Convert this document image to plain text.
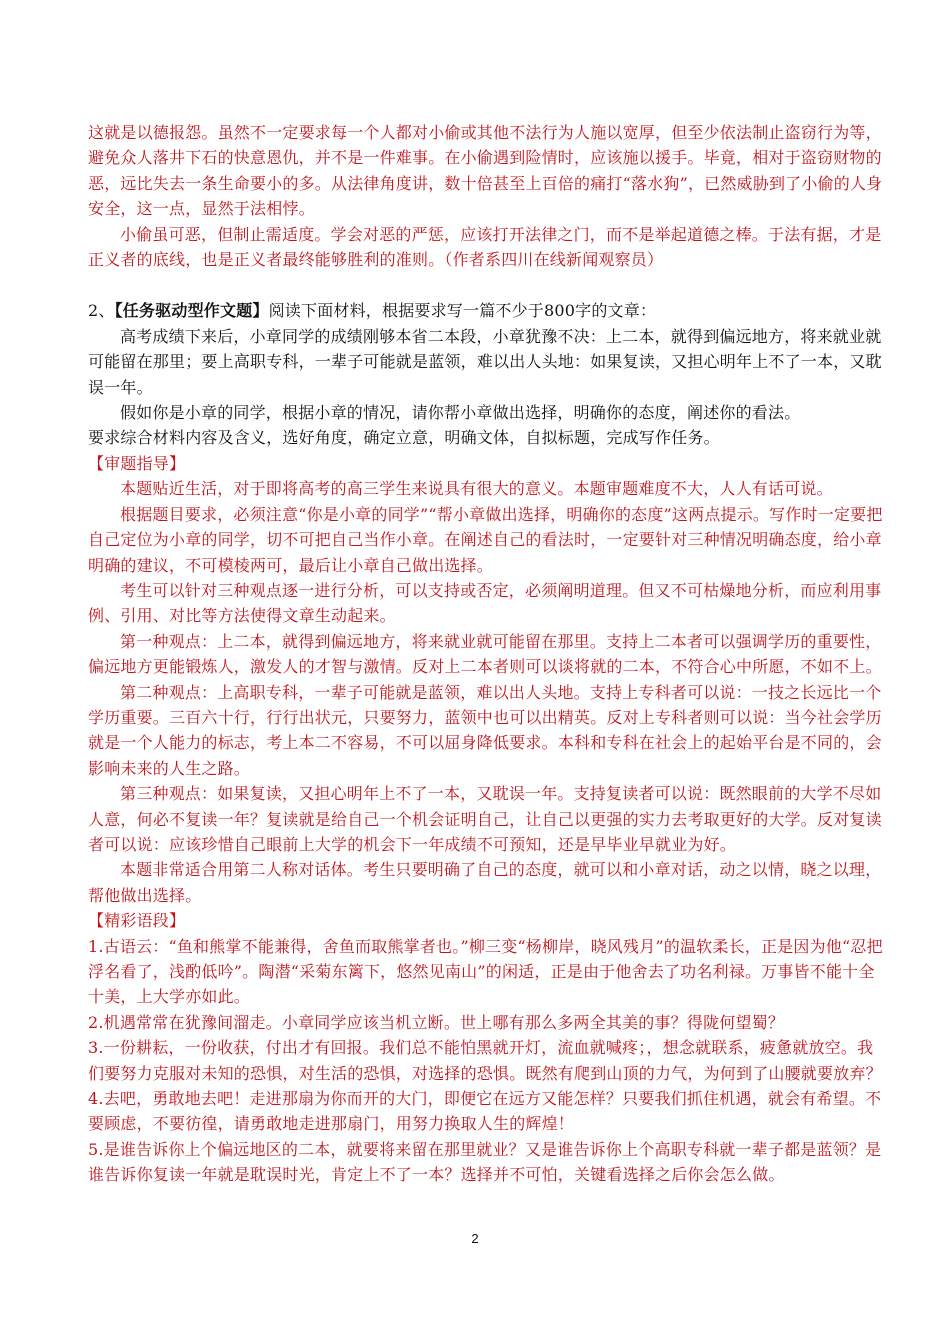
这就是以德报怨。虽然不一定要求每一个人都对小偷或其他不法行为人施以宽厚，但至少依法制止盗窃行为等，避免众人落井下石的快意恩仇，并不是一件难事。在小偷遇到险情时，应该施以援手。毕竟，相对于盗窃财物的恶，远比失去一条生命要小的多。从法律角度讲，数十倍甚至上百倍的痛打“落水狗”，已然威胁到了小偷的人身安全，这一点，显然于法相悖。

小偷虽可恶，但制止需适度。学会对恶的严惩，应该打开法律之门，而不是举起道德之棒。于法有据，才是正义者的底线，也是正义者最终能够胜利的准则。（作者系四川在线新闻观察员）

2、【任务驱动型作文题】阅读下面材料，根据要求写一篇不少于800字的文章：

高考成绩下来后，小章同学的成绩刚够本省二本段，小章犹豫不决：上二本，就得到偏远地方，将来就业就可能留在那里；要上高职专科，一辈子可能就是蓝领，难以出人头地：如果复读，又担心明年上不了一本，又耽误一年。

假如你是小章的同学，根据小章的情况，请你帮小章做出选择，明确你的态度，阐述你的看法。

要求综合材料内容及含义，选好角度，确定立意，明确文体，自拟标题，完成写作任务。

【审题指导】

本题贴近生活，对于即将高考的高三学生来说具有很大的意义。本题审题难度不大，人人有话可说。

根据题目要求，必须注意“你是小章的同学”“帮小章做出选择，明确你的态度”这两点提示。写作时一定要把自己定位为小章的同学，切不可把自己当作小章。在阐述自己的看法时，一定要针对三种情况明确态度，给小章明确的建议，不可模棱两可，最后让小章自己做出选择。

考生可以针对三种观点逐一进行分析，可以支持或否定，必须阐明道理。但又不可枯燥地分析，而应利用事例、引用、对比等方法使得文章生动起来。

第一种观点：上二本，就得到偏远地方，将来就业就可能留在那里。支持上二本者可以强调学历的重要性，偏远地方更能锻炼人，激发人的才智与激情。反对上二本者则可以谈将就的二本，不符合心中所愿，不如不上。

第二种观点：上高职专科，一辈子可能就是蓝领，难以出人头地。支持上专科者可以说：一技之长远比一个学历重要。三百六十行，行行出状元，只要努力，蓝领中也可以出精英。反对上专科者则可以说：当今社会学历就是一个人能力的标志，考上本二不容易，不可以屈身降低要求。本科和专科在社会上的起始平台是不同的，会影响未来的人生之路。

第三种观点：如果复读，又担心明年上不了一本，又耽误一年。支持复读者可以说：既然眼前的大学不尽如人意，何必不复读一年？复读就是给自己一个机会证明自己，让自己以更强的实力去考取更好的大学。反对复读者可以说：应该珍惜自己眼前上大学的机会下一年成绩不可预知，还是早毕业早就业为好。

本题非常适合用第二人称对话体。考生只要明确了自己的态度，就可以和小章对话，动之以情，晓之以理，帮他做出选择。

【精彩语段】

1.古语云：“鱼和熊掌不能兼得，舍鱼而取熊掌者也。”柳三变“杨柳岸，晓风残月”的温软柔长，正是因为他“忍把浮名看了，浅酌低吟”。陶潜“采菊东篱下，悠然见南山”的闲适，正是由于他舍去了功名利禄。万事皆不能十全十美，上大学亦如此。

2.机遇常常在犹豫间溜走。小章同学应该当机立断。世上哪有那么多两全其美的事？得陇何望蜀？

3.一份耕耘，一份收获，付出才有回报。我们总不能怕黑就开灯，流血就喊疼；，想念就联系，疲惫就放空。我们要努力克服对未知的恐惧，对生活的恐惧，对选择的恐惧。既然有爬到山顶的力气，为何到了山腰就要放弃？

4.去吧，勇敢地去吧！走进那扇为你而开的大门，即便它在远方又能怎样？只要我们抓住机遇，就会有希望。不要顾虑，不要彷徨，请勇敢地走进那扇门，用努力换取人生的辉煌！

5.是谁告诉你上个偏远地区的二本，就要将来留在那里就业？又是谁告诉你上个高职专科就一辈子都是蓝领？是谁告诉你复读一年就是耽误时光，肯定上不了一本？选择并不可怕，关键看选择之后你会怎么做。

2
